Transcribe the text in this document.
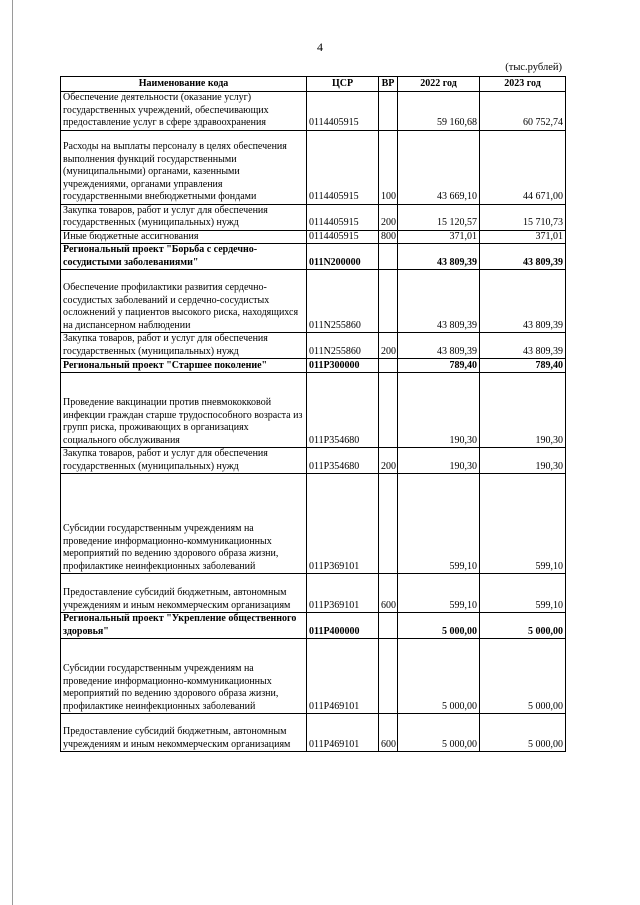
4
(тыс.рублей)
Наименование кода	ЦСР	ВР	2022 год	2023 год
Обеспечение деятельности (оказание услуг) государственных учреждений, обеспечивающих предоставление услуг в сфере здравоохранения	0114405915		59 160,68	60 752,74
Расходы на выплаты персоналу в целях обеспечения выполнения функций государственными (муниципальными) органами, казенными учреждениями, органами управления государственными внебюджетными фондами	0114405915	100	43 669,10	44 671,00
Закупка товаров, работ и услуг для обеспечения государственных (муниципальных) нужд	0114405915	200	15 120,57	15 710,73
Иные бюджетные ассигнования	0114405915	800	371,01	371,01
Региональный проект "Борьба с сердечно-сосудистыми заболеваниями"	011N200000		43 809,39	43 809,39
Обеспечение профилактики развития сердечно-сосудистых заболеваний и сердечно-сосудистых осложнений у пациентов высокого риска, находящихся на диспансерном наблюдении	011N255860		43 809,39	43 809,39
Закупка товаров, работ и услуг для обеспечения государственных (муниципальных) нужд	011N255860	200	43 809,39	43 809,39
Региональный проект "Старшее поколение"	011P300000		789,40	789,40
Проведение вакцинации против пневмококковой инфекции граждан старше трудоспособного возраста из групп риска, проживающих в организациях социального обслуживания	011P354680		190,30	190,30
Закупка товаров, работ и услуг для обеспечения государственных (муниципальных) нужд	011P354680	200	190,30	190,30
Субсидии государственным учреждениям на проведение информационно-коммуникационных мероприятий по ведению здорового образа жизни, профилактике неинфекционных заболеваний	011P369101		599,10	599,10
Предоставление субсидий бюджетным, автономным учреждениям и иным некоммерческим организациям	011P369101	600	599,10	599,10
Региональный проект "Укрепление общественного здоровья"	011P400000		5 000,00	5 000,00
Субсидии государственным учреждениям на проведение информационно-коммуникационных мероприятий по ведению здорового образа жизни, профилактике неинфекционных заболеваний	011P469101		5 000,00	5 000,00
Предоставление субсидий бюджетным, автономным учреждениям и иным некоммерческим организациям	011P469101	600	5 000,00	5 000,00
